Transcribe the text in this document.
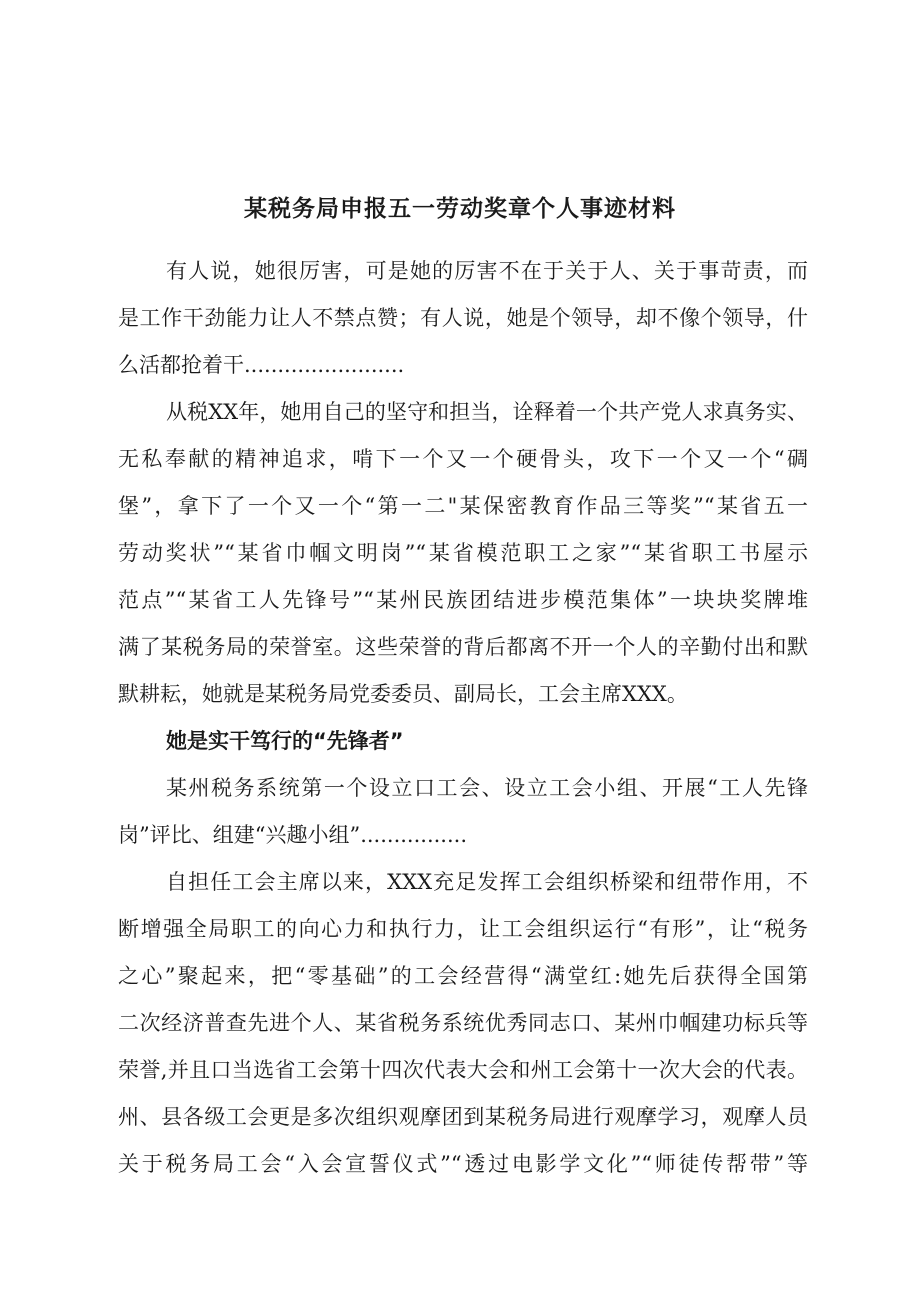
某税务局申报五一劳动奖章个人事迹材料

有人说，她很厉害，可是她的厉害不在于关于人、关于事苛责，而

是工作干劲能力让人不禁点赞；有人说，她是个领导，却不像个领导，什

么活都抢着干........................

从税XX年，她用自己的坚守和担当，诠释着一个共产党人求真务实、

无私奉献的精神追求，啃下一个又一个硬骨头，攻下一个又一个“碉

堡”，拿下了一个又一个“第一二"某保密教育作品三等奖”“某省五一

劳动奖状”“某省巾帼文明岗”“某省模范职工之家”“某省职工书屋示

范点”“某省工人先锋号”“某州民族团结进步模范集体”一块块奖牌堆

满了某税务局的荣誉室。这些荣誉的背后都离不开一个人的辛勤付出和默

默耕耘，她就是某税务局党委委员、副局长，工会主席XXX。

她是实干笃行的“先锋者”

某州税务系统第一个设立口工会、设立工会小组、开展“工人先锋

岗”评比、组建“兴趣小组”................

自担任工会主席以来，XXX充足发挥工会组织桥梁和纽带作用，不

断增强全局职工的向心力和执行力，让工会组织运行“有形”，让“税务

之心”聚起来，把“零基础”的工会经营得“满堂红:她先后获得全国第

二次经济普查先进个人、某省税务系统优秀同志口、某州巾帼建功标兵等

荣誉,并且口当选省工会第十四次代表大会和州工会第十一次大会的代表。

州、县各级工会更是多次组织观摩团到某税务局进行观摩学习，观摩人员

关于税务局工会“入会宣誓仪式”“透过电影学文化”“师徒传帮带”等
